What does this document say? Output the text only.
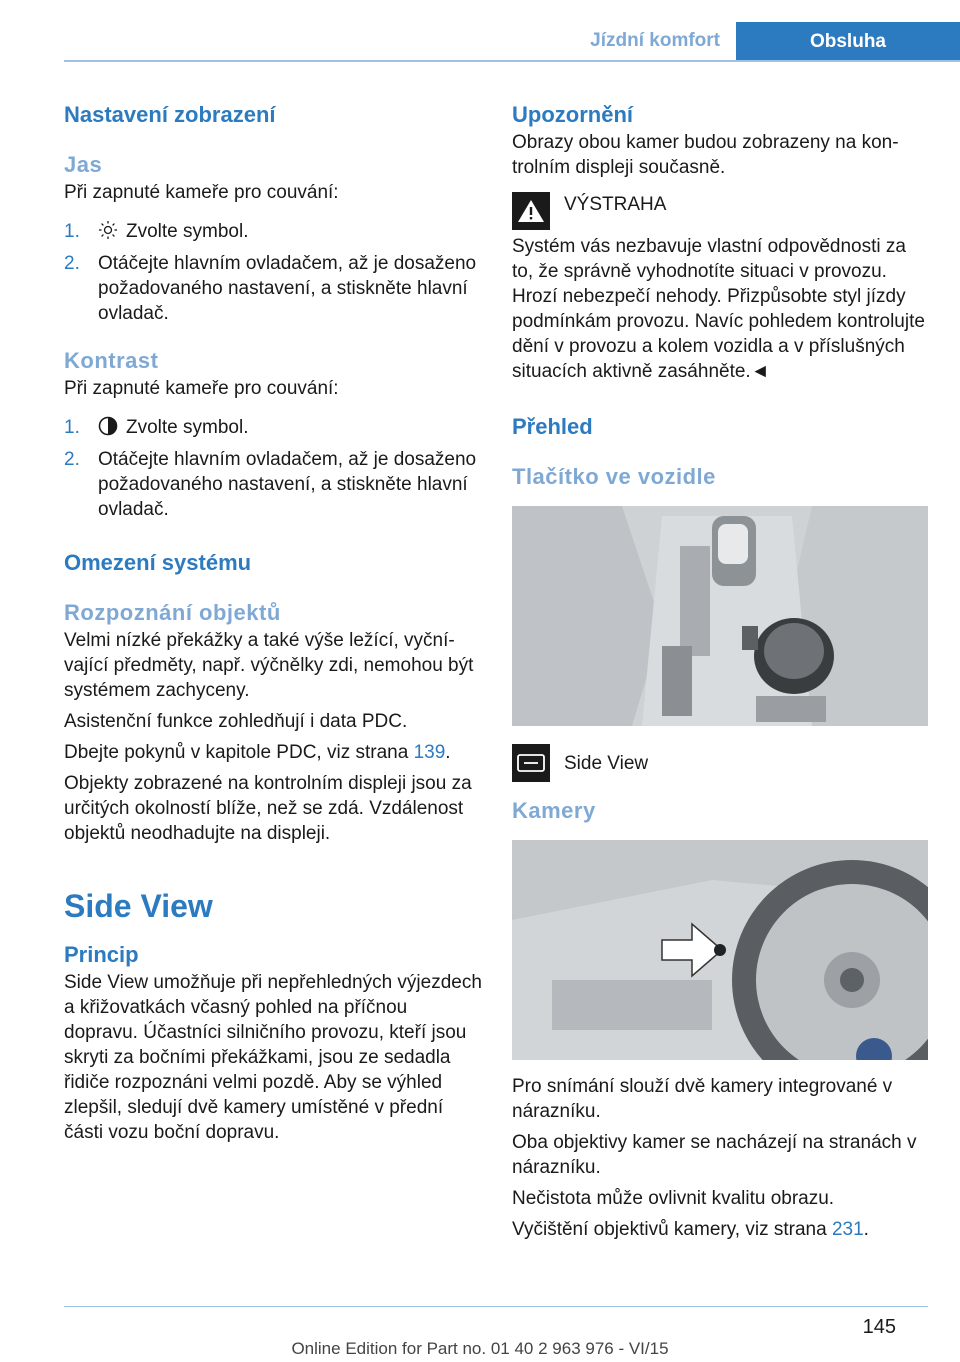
Jízdní komfort	Obsluha
Nastavení zobrazení
Jas

Při zapnuté kameře pro couvání:

1.	Zvolte symbol.
2. Otáčejte hlavním ovladačem, až je dosaženo požadovaného nastavení, a stiskněte hlavní ovladač.
Kontrast

Při zapnuté kameře pro couvání:

1.	Zvolte symbol.
2. Otáčejte hlavním ovladačem, až je dosaženo požadovaného nastavení, a stiskněte hlavní ovladač.
Omezení systému
Rozpoznání objektů

Velmi nízké překážky a také výše ležící, vyčnívající předměty, např. výčnělky zdi, nemohou být systémem zachyceny.

Asistenční funkce zohledňují i data PDC.

Dbejte pokynů v kapitole PDC, viz strana 139.

Objekty zobrazené na kontrolním displeji jsou za určitých okolností blíže, než se zdá. Vzdálenost objektů neodhadujte na displeji.

Side View
Princip

Side View umožňuje při nepřehledných výjezdech a křižovatkách včasný pohled na příčnou dopravu. Účastníci silničního provozu, kteří jsou skryti za bočními překážkami, jsou ze sedadla řidiče rozpoznáni velmi pozdě. Aby se výhled zlepšil, sledují dvě kamery umístěné v přední části vozu boční dopravu.

Upozornění

Obrazy obou kamer budou zobrazeny na kontrolním displeji současně.

VÝSTRAHA

Systém vás nezbavuje vlastní odpovědnosti za to, že správně vyhodnotíte situaci v provozu. Hrozí nebezpečí nehody. Přizpůsobte styl jízdy podmínkám provozu. Navíc pohledem kontrolujte dění v provozu a kolem vozidla a v příslušných situacích aktivně zasáhněte.◄

Přehled
Tlačítko ve vozidle
Side View
Kamery

Pro snímání slouží dvě kamery integrované v nárazníku.

Oba objektivy kamer se nacházejí na stranách v nárazníku.

Nečistota může ovlivnit kvalitu obrazu.

Vyčištění objektivů kamery, viz strana 231.

145
Online Edition for Part no. 01 40 2 963 976 - VI/15
